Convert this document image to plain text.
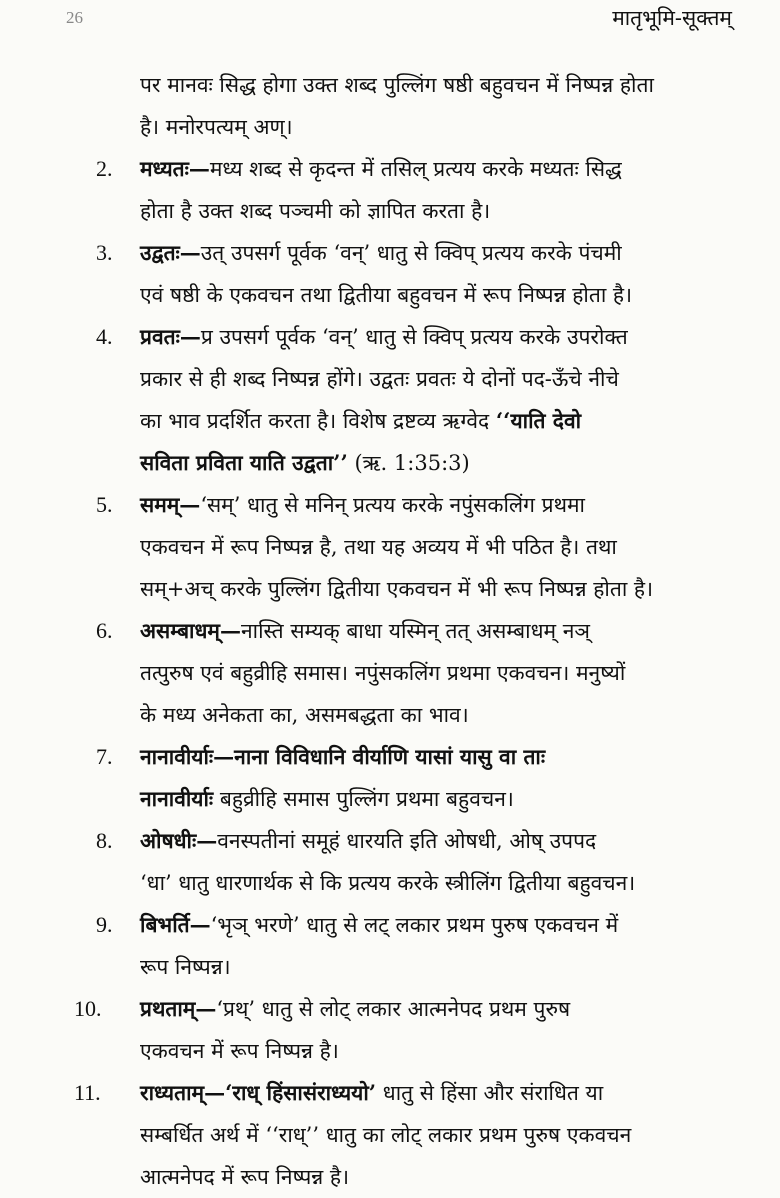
26	मातृभूमि-सूक्तम्
पर मानवः सिद्ध होगा उक्त शब्द पुल्लिंग षष्ठी बहुवचन में निष्पन्न होता
है। मनोरपत्यम् अण्।
2. मध्यतः—मध्य शब्द से कृदन्त में तसिल् प्रत्यय करके मध्यतः सिद्ध
होता है उक्त शब्द पञ्चमी को ज्ञापित करता है।
3. उद्वतः—उत् उपसर्ग पूर्वक ‘वन्’ धातु से क्विप् प्रत्यय करके पंचमी
एवं षष्ठी के एकवचन तथा द्वितीया बहुवचन में रूप निष्पन्न होता है।
4. प्रवतः—प्र उपसर्ग पूर्वक ‘वन्’ धातु से क्विप् प्रत्यय करके उपरोक्त
प्रकार से ही शब्द निष्पन्न होंगे। उद्वतः प्रवतः ये दोनों पद-ऊँचे नीचे
का भाव प्रदर्शित करता है। विशेष द्रष्टव्य ऋग्वेद ‘‘याति देवो
सविता प्रविता याति उद्वता’’ (ऋ. 1:35:3)
5. समम्—‘सम्’ धातु से मनिन् प्रत्यय करके नपुंसकलिंग प्रथमा
एकवचन में रूप निष्पन्न है, तथा यह अव्यय में भी पठित है। तथा
सम्+अच् करके पुल्लिंग द्वितीया एकवचन में भी रूप निष्पन्न होता है।
6. असम्बाधम्—नास्ति सम्यक् बाधा यस्मिन् तत् असम्बाधम् नञ्
तत्पुरुष एवं बहुव्रीहि समास। नपुंसकलिंग प्रथमा एकवचन। मनुष्यों
के मध्य अनेकता का, असमबद्धता का भाव।
7. नानावीर्याः—नाना विविधानि वीर्याणि यासां यासु वा ताः
नानावीर्याः बहुव्रीहि समास पुल्लिंग प्रथमा बहुवचन।
8. ओषधीः—वनस्पतीनां समूहं धारयति इति ओषधी, ओष् उपपद
‘धा’ धातु धारणार्थक से कि प्रत्यय करके स्त्रीलिंग द्वितीया बहुवचन।
9. बिभर्ति—‘भृञ् भरणे’ धातु से लट् लकार प्रथम पुरुष एकवचन में
रूप निष्पन्न।
10. प्रथताम्—‘प्रथ्’ धातु से लोट् लकार आत्मनेपद प्रथम पुरुष
एकवचन में रूप निष्पन्न है।
11. राध्यताम्—‘राध् हिंसासंराध्ययो’ धातु से हिंसा और संराधित या
सम्बर्धित अर्थ में ‘‘राध्’’ धातु का लोट् लकार प्रथम पुरुष एकवचन
आत्मनेपद में रूप निष्पन्न है।
